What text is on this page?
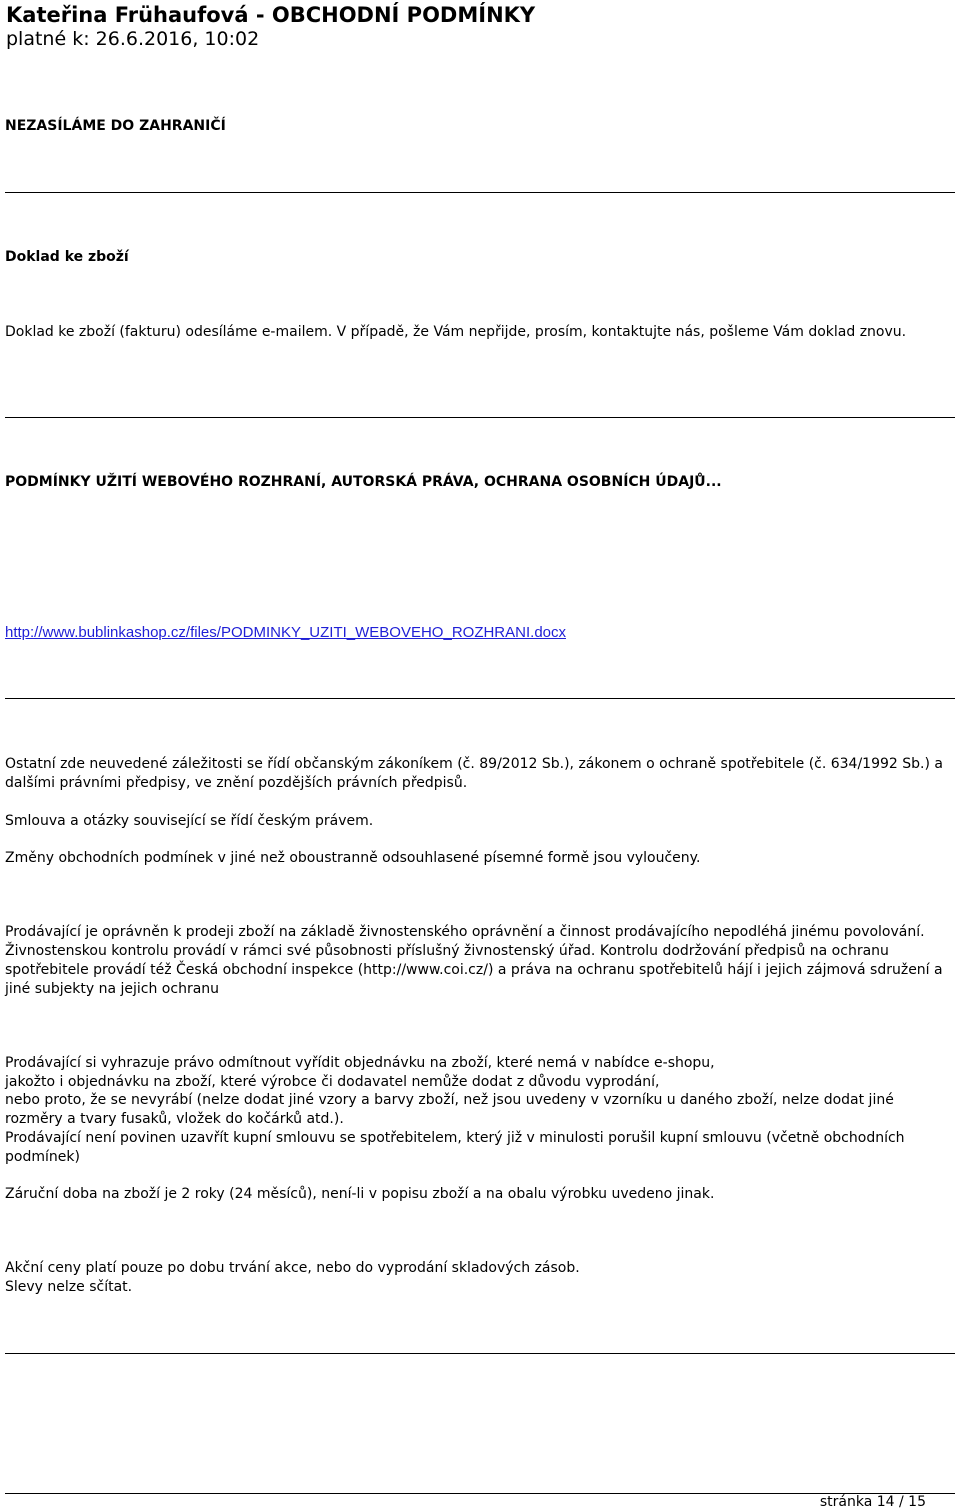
Kateřina Frühaufová - OBCHODNÍ PODMÍNKY
platné k: 26.6.2016, 10:02
NEZASÍLÁME DO ZAHRANIČÍ
Doklad ke zboží
Doklad ke zboží (fakturu) odesíláme e-mailem. V případě, že Vám nepřijde, prosím, kontaktujte nás, pošleme Vám doklad znovu.
PODMÍNKY UŽITÍ WEBOVÉHO ROZHRANÍ, AUTORSKÁ PRÁVA, OCHRANA OSOBNÍCH ÚDAJŮ...
http://www.bublinkashop.cz/files/PODMINKY_UZITI_WEBOVEHO_ROZHRANI.docx
Ostatní zde neuvedené záležitosti se řídí občanským zákoníkem (č. 89/2012 Sb.), zákonem o ochraně spotřebitele (č. 634/1992 Sb.) a dalšími právními předpisy, ve znění pozdějších právních předpisů.
Smlouva a otázky související se řídí českým právem.
Změny obchodních podmínek v jiné než oboustranně odsouhlasené písemné formě jsou vyloučeny.
Prodávající je oprávněn k prodeji zboží na základě živnostenského oprávnění a činnost prodávajícího nepodléhá jinému povolování. Živnostenskou kontrolu provádí v rámci své působnosti příslušný živnostenský úřad. Kontrolu dodržování předpisů na ochranu spotřebitele provádí též Česká obchodní inspekce (http://www.coi.cz/) a práva na ochranu spotřebitelů hájí i jejich zájmová sdružení a jiné subjekty na jejich ochranu
Prodávající si vyhrazuje právo odmítnout vyřídit objednávku na zboží, které nemá v nabídce e-shopu,
jakožto i objednávku na zboží, které výrobce či dodavatel nemůže dodat z důvodu vyprodání,
nebo proto, že se nevyrábí (nelze dodat jiné vzory a barvy zboží, než jsou uvedeny v vzorníku u daného zboží, nelze dodat jiné rozměry a tvary fusaků, vložek do kočárků atd.).
Prodávající není povinen uzavřít kupní smlouvu se spotřebitelem, který již v minulosti porušil kupní smlouvu (včetně obchodních podmínek)
Záruční doba na zboží je 2 roky (24 měsíců), není-li v popisu zboží a na obalu výrobku uvedeno jinak.
Akční ceny platí pouze po dobu trvání akce, nebo do vyprodání skladových zásob.
Slevy nelze sčítat.
stránka 14 / 15
